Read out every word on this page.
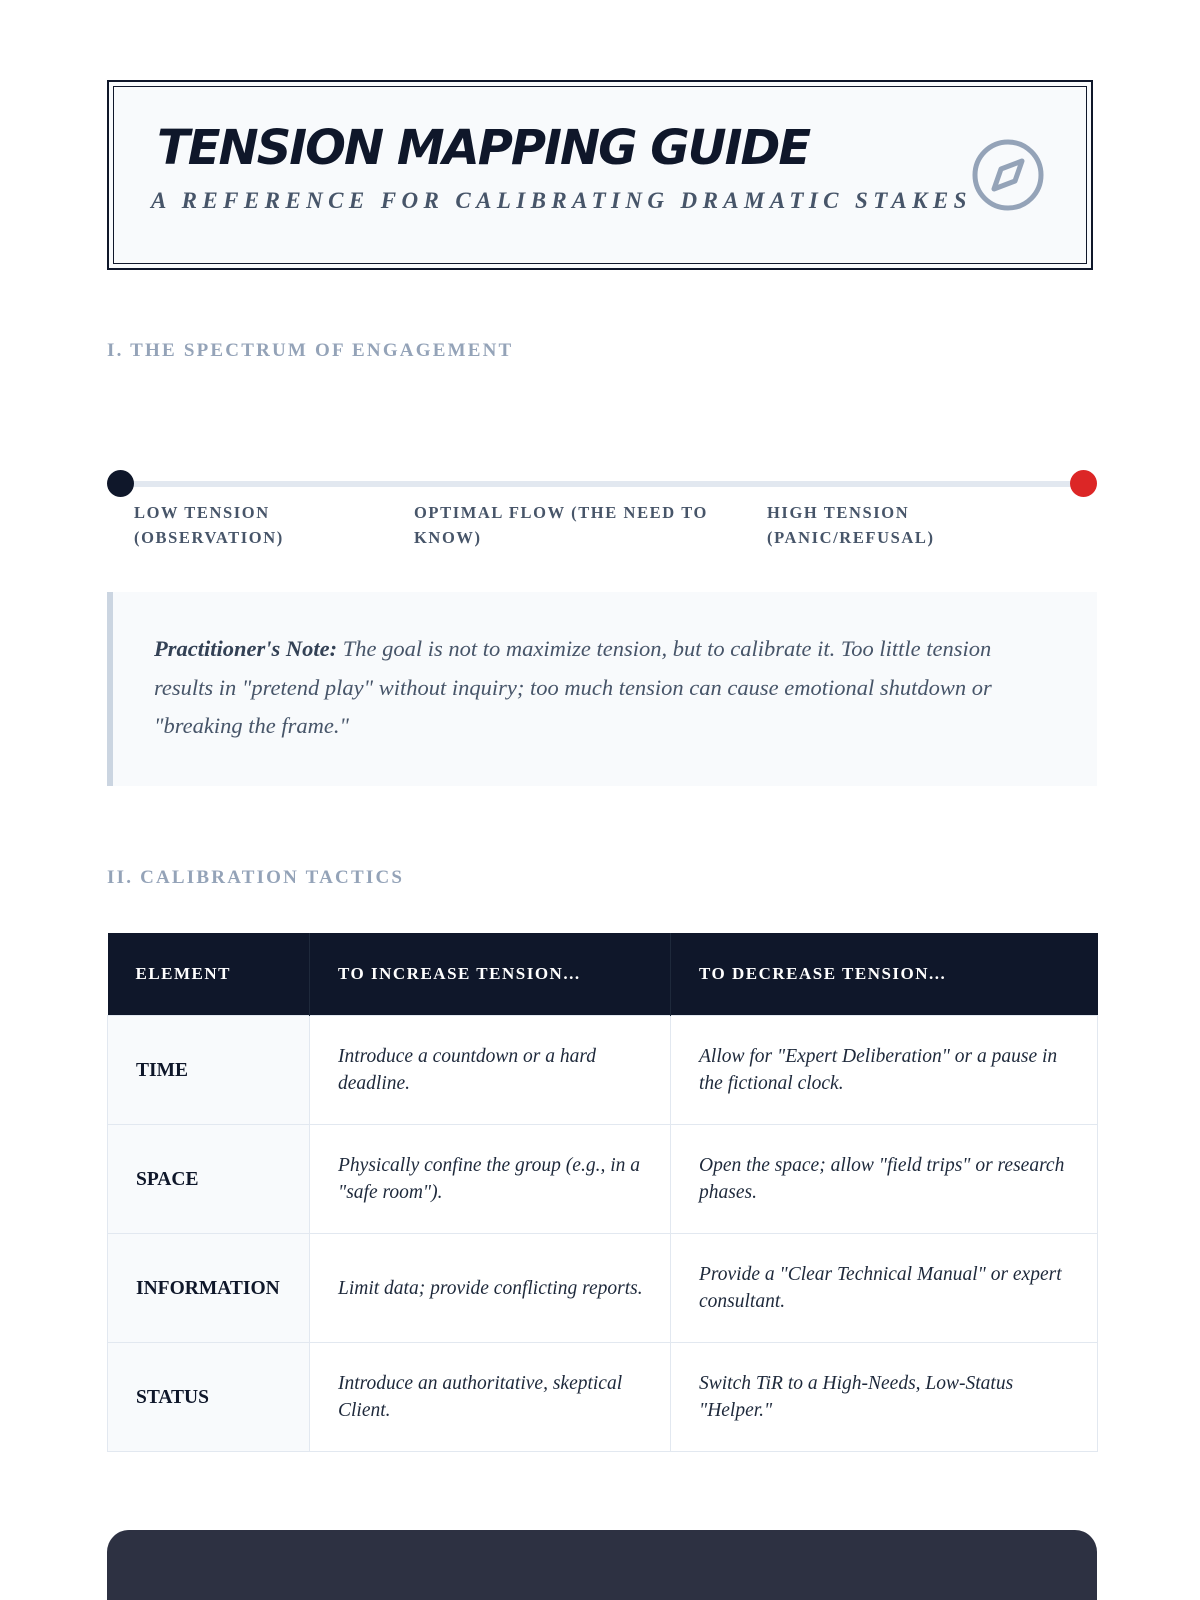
TENSION MAPPING GUIDE

A REFERENCE FOR CALIBRATING DRAMATIC STAKES

I. THE SPECTRUM OF ENGAGEMENT

LOW TENSION (OBSERVATION)

OPTIMAL FLOW (THE NEED TO KNOW)

HIGH TENSION (PANIC/REFUSAL)

Practitioner's Note: The goal is not to maximize tension, but to calibrate it. Too little tension results in "pretend play" without inquiry; too much tension can cause emotional shutdown or "breaking the frame."
II. CALIBRATION TACTICS
ELEMENT	TO INCREASE TENSION...	TO DECREASE TENSION...
TIME	Introduce a countdown or a hard deadline.	Allow for "Expert Deliberation" or a pause in the fictional clock.
SPACE	Physically confine the group (e.g., in a "safe room").	Open the space; allow "field trips" or research phases.
INFORMATION	Limit data; provide conflicting reports.	Provide a "Clear Technical Manual" or expert consultant.
STATUS	Introduce an authoritative, skeptical Client.	Switch TiR to a High-Needs, Low-Status "Helper."
